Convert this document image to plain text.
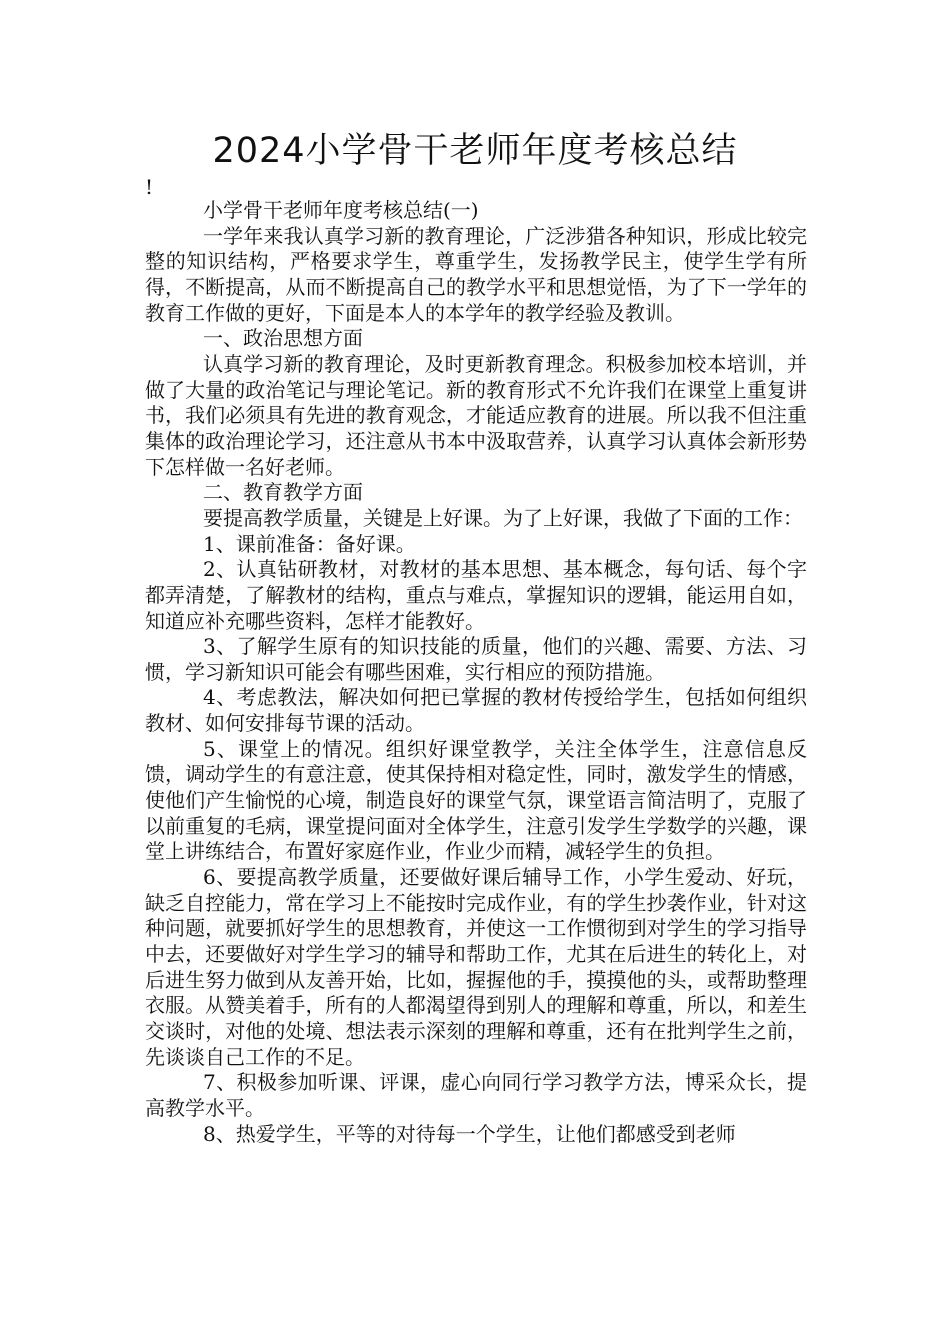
2024小学骨干老师年度考核总结
!

小学骨干老师年度考核总结(一)

一学年来我认真学习新的教育理论，广泛涉猎各种知识，形成比较完整的知识结构，严格要求学生，尊重学生，发扬教学民主，使学生学有所得，不断提高，从而不断提高自己的教学水平和思想觉悟，为了下一学年的教育工作做的更好，下面是本人的本学年的教学经验及教训。

一、政治思想方面

认真学习新的教育理论，及时更新教育理念。积极参加校本培训，并做了大量的政治笔记与理论笔记。新的教育形式不允许我们在课堂上重复讲书，我们必须具有先进的教育观念，才能适应教育的进展。所以我不但注重集体的政治理论学习，还注意从书本中汲取营养，认真学习认真体会新形势下怎样做一名好老师。

二、教育教学方面

要提高教学质量，关键是上好课。为了上好课，我做了下面的工作：

1、课前准备：备好课。

2、认真钻研教材，对教材的基本思想、基本概念，每句话、每个字都弄清楚，了解教材的结构，重点与难点，掌握知识的逻辑，能运用自如，知道应补充哪些资料，怎样才能教好。

3、了解学生原有的知识技能的质量，他们的兴趣、需要、方法、习惯，学习新知识可能会有哪些困难，实行相应的预防措施。

4、考虑教法，解决如何把已掌握的教材传授给学生，包括如何组织教材、如何安排每节课的活动。

5、课堂上的情况。组织好课堂教学，关注全体学生，注意信息反馈，调动学生的有意注意，使其保持相对稳定性，同时，激发学生的情感，使他们产生愉悦的心境，制造良好的课堂气氛，课堂语言简洁明了，克服了以前重复的毛病，课堂提问面对全体学生，注意引发学生学数学的兴趣，课堂上讲练结合，布置好家庭作业，作业少而精，减轻学生的负担。

6、要提高教学质量，还要做好课后辅导工作，小学生爱动、好玩，缺乏自控能力，常在学习上不能按时完成作业，有的学生抄袭作业，针对这种问题，就要抓好学生的思想教育，并使这一工作惯彻到对学生的学习指导中去，还要做好对学生学习的辅导和帮助工作，尤其在后进生的转化上，对后进生努力做到从友善开始，比如，握握他的手，摸摸他的头，或帮助整理衣服。从赞美着手，所有的人都渴望得到别人的理解和尊重，所以，和差生交谈时，对他的处境、想法表示深刻的理解和尊重，还有在批判学生之前，先谈谈自己工作的不足。

7、积极参加听课、评课，虚心向同行学习教学方法，博采众长，提高教学水平。

8、热爱学生，平等的对待每一个学生，让他们都感受到老师
